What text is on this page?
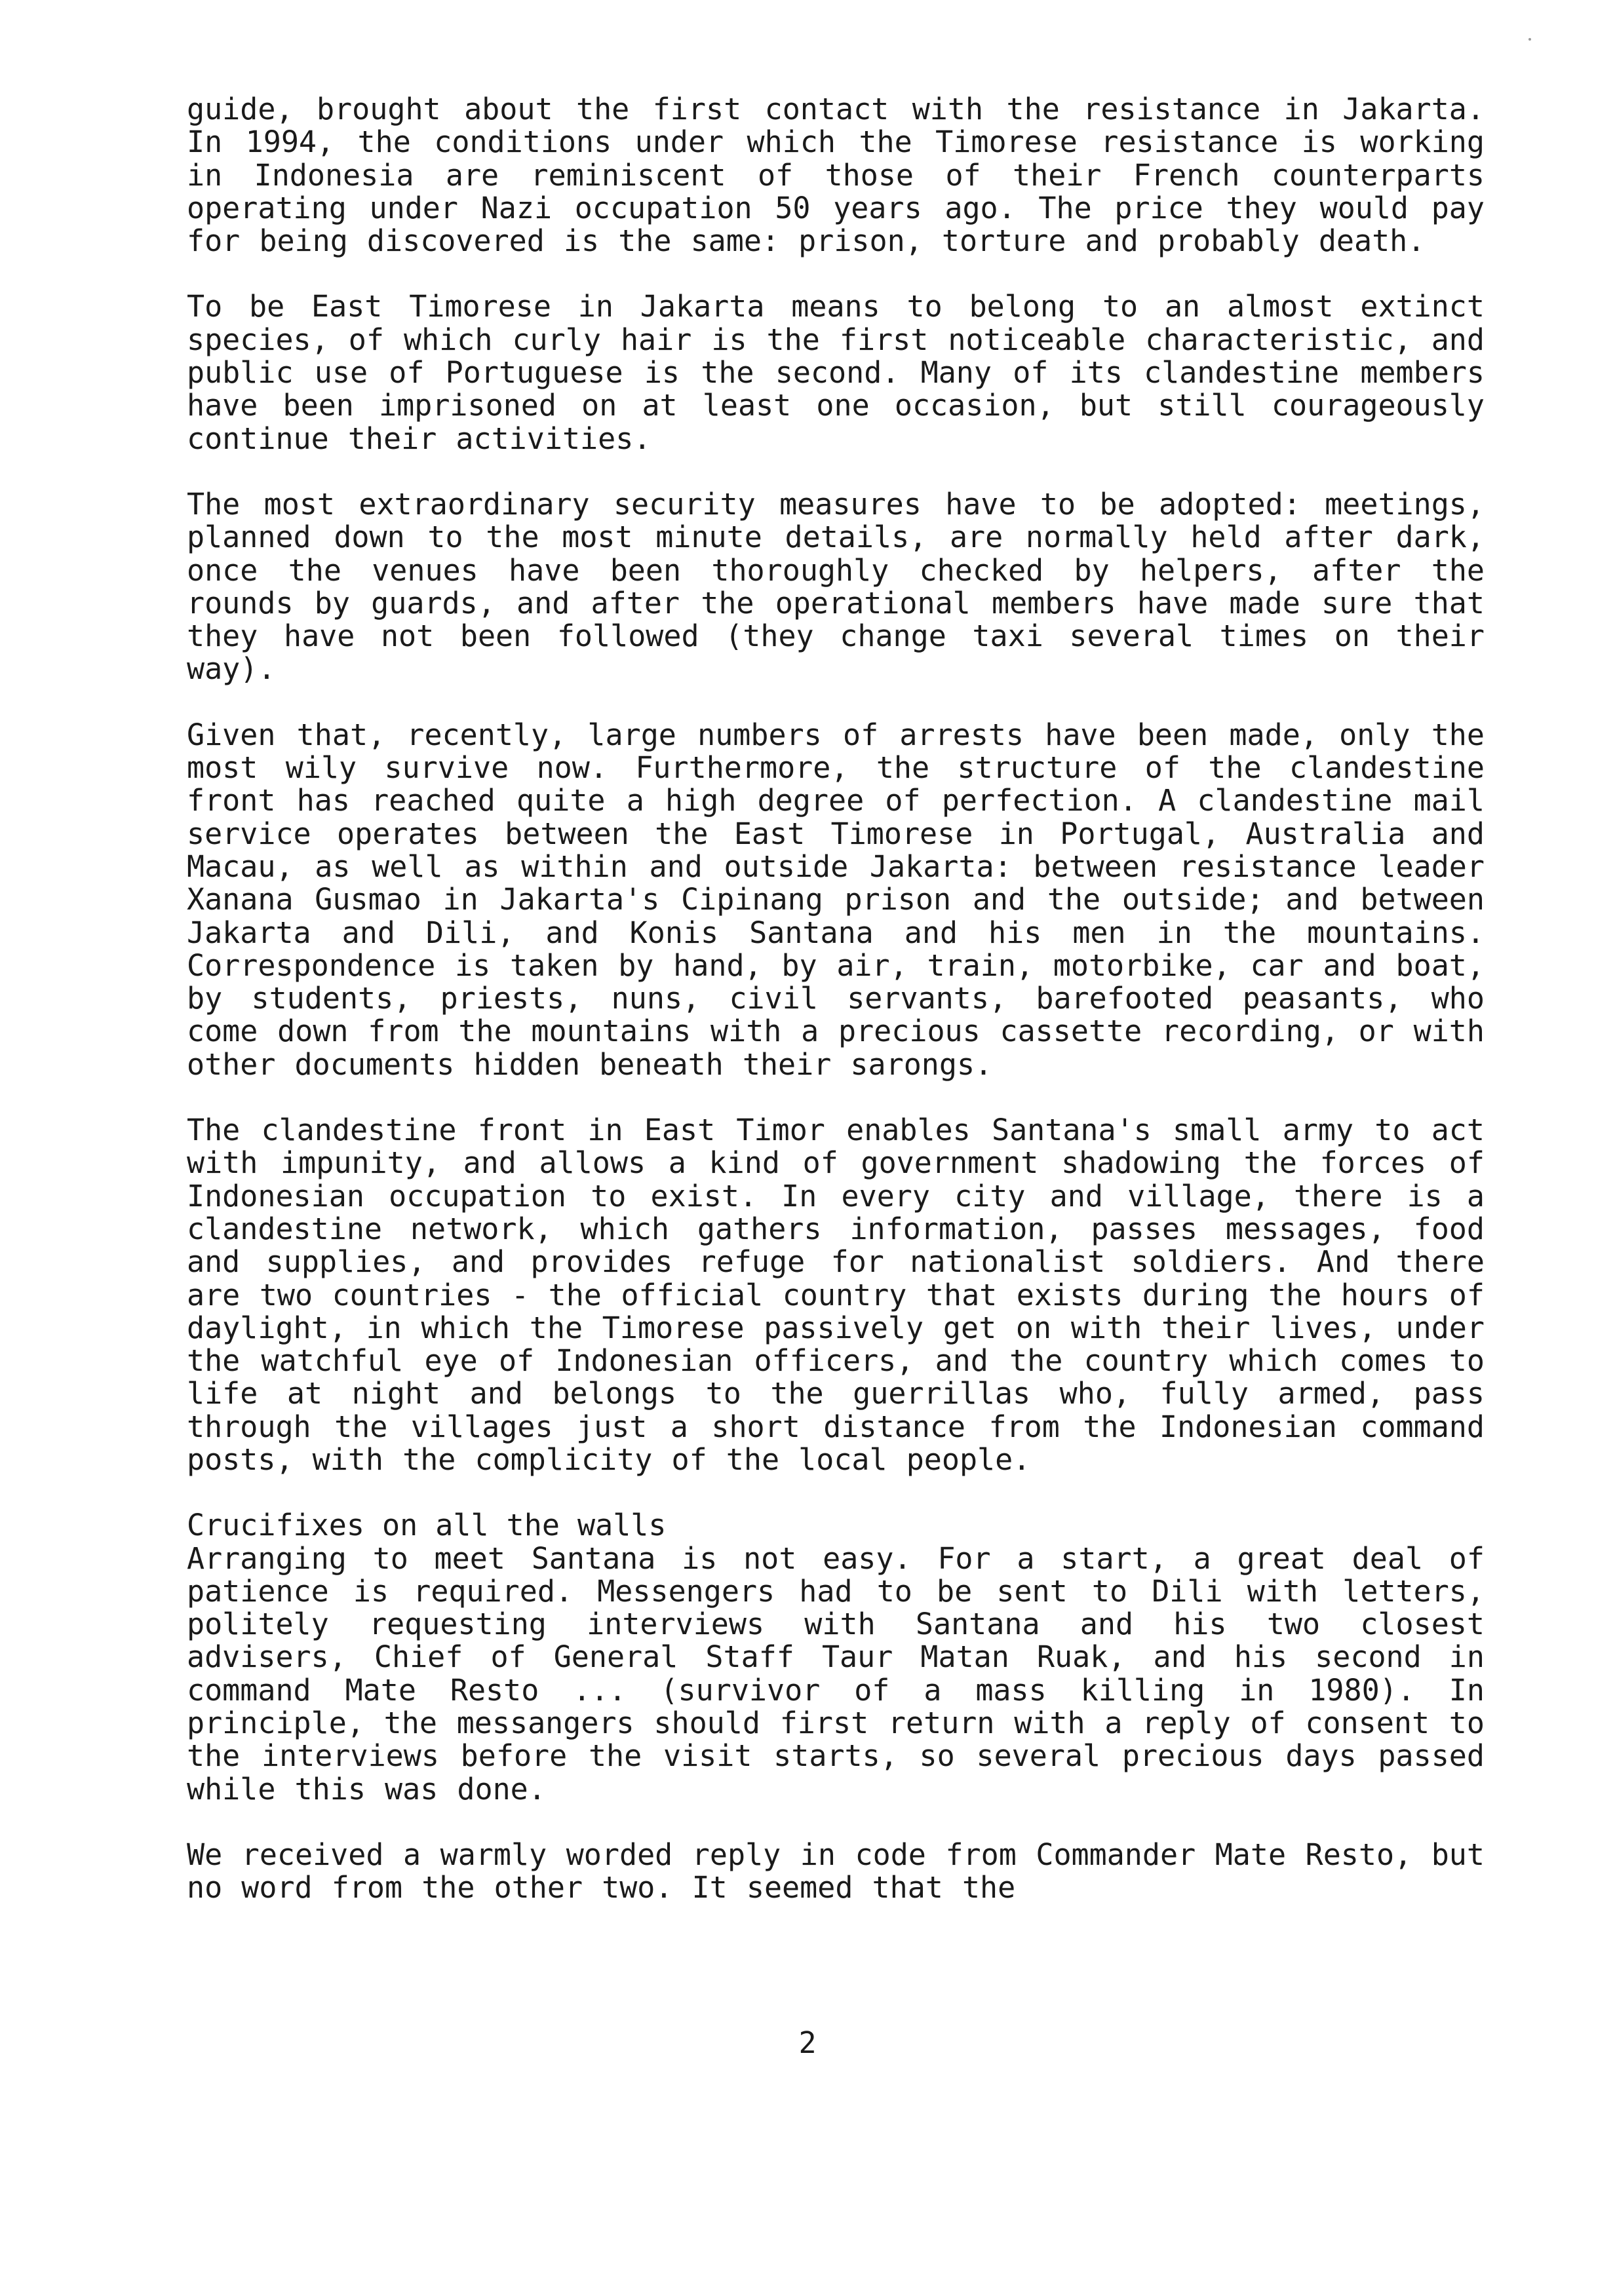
guide, brought about the first contact with the resistance in Jakarta. In 1994, the conditions under which the Timorese resistance is working in Indonesia are reminiscent of those of their French counterparts operating under Nazi occupation 50 years ago. The price they would pay for being discovered is the same: prison, torture and probably death.

To be East Timorese in Jakarta means to belong to an almost extinct species, of which curly hair is the first noticeable characteristic, and public use of Portuguese is the second. Many of its clandestine members have been imprisoned on at least one occasion, but still courageously continue their activities.

The most extraordinary security measures have to be adopted: meetings, planned down to the most minute details, are normally held after dark, once the venues have been thoroughly checked by helpers, after the rounds by guards, and after the operational members have made sure that they have not been followed (they change taxi several times on their way).

Given that, recently, large numbers of arrests have been made, only the most wily survive now. Furthermore, the structure of the clandestine front has reached quite a high degree of perfection. A clandestine mail service operates between the East Timorese in Portugal, Australia and Macau, as well as within and outside Jakarta: between resistance leader Xanana Gusmao in Jakarta's Cipinang prison and the outside; and between Jakarta and Dili, and Konis Santana and his men in the mountains. Correspondence is taken by hand, by air, train, motorbike, car and boat, by students, priests, nuns, civil servants, barefooted peasants, who come down from the mountains with a precious cassette recording, or with other documents hidden beneath their sarongs.

The clandestine front in East Timor enables Santana's small army to act with impunity, and allows a kind of government shadowing the forces of Indonesian occupation to exist. In every city and village, there is a clandestine network, which gathers information, passes messages, food and supplies, and provides refuge for nationalist soldiers. And there are two countries - the official country that exists during the hours of daylight, in which the Timorese passively get on with their lives, under the watchful eye of Indonesian officers, and the country which comes to life at night and belongs to the guerrillas who, fully armed, pass through the villages just a short distance from the Indonesian command posts, with the complicity of the local people.

Crucifixes on all the walls

Arranging to meet Santana is not easy. For a start, a great deal of patience is required. Messengers had to be sent to Dili with letters, politely requesting interviews with Santana and his two closest advisers, Chief of General Staff Taur Matan Ruak, and his second in command Mate Resto ... (survivor of a mass killing in 1980). In principle, the messangers should first return with a reply of consent to the interviews before the visit starts, so several precious days passed while this was done.

We received a warmly worded reply in code from Commander Mate Resto, but no word from the other two. It seemed that the

2
